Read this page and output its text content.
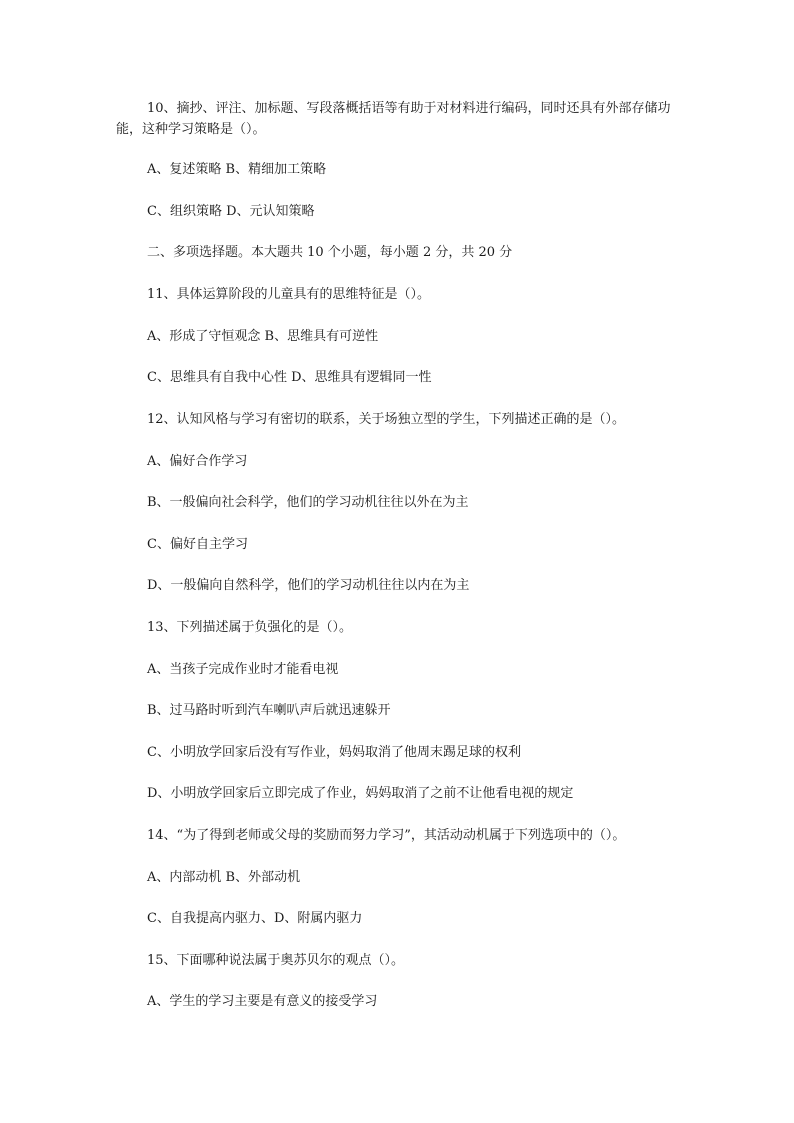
10、摘抄、评注、加标题、写段落概括语等有助于对材料进行编码，同时还具有外部存储功能，这种学习策略是（）。
A、复述策略 B、精细加工策略
C、组织策略 D、元认知策略
二、多项选择题。本大题共 10 个小题，每小题 2 分，共 20 分
11、具体运算阶段的儿童具有的思维特征是（）。
A、形成了守恒观念 B、思维具有可逆性
C、思维具有自我中心性 D、思维具有逻辑同一性
12、认知风格与学习有密切的联系，关于场独立型的学生，下列描述正确的是（）。
A、偏好合作学习
B、一般偏向社会科学，他们的学习动机往往以外在为主
C、偏好自主学习
D、一般偏向自然科学，他们的学习动机往往以内在为主
13、下列描述属于负强化的是（）。
A、当孩子完成作业时才能看电视
B、过马路时听到汽车喇叭声后就迅速躲开
C、小明放学回家后没有写作业，妈妈取消了他周末踢足球的权利
D、小明放学回家后立即完成了作业，妈妈取消了之前不让他看电视的规定
14、“为了得到老师或父母的奖励而努力学习”，其活动动机属于下列选项中的（）。
A、内部动机 B、外部动机
C、自我提高内驱力、D、附属内驱力
15、下面哪种说法属于奥苏贝尔的观点（）。
A、学生的学习主要是有意义的接受学习
